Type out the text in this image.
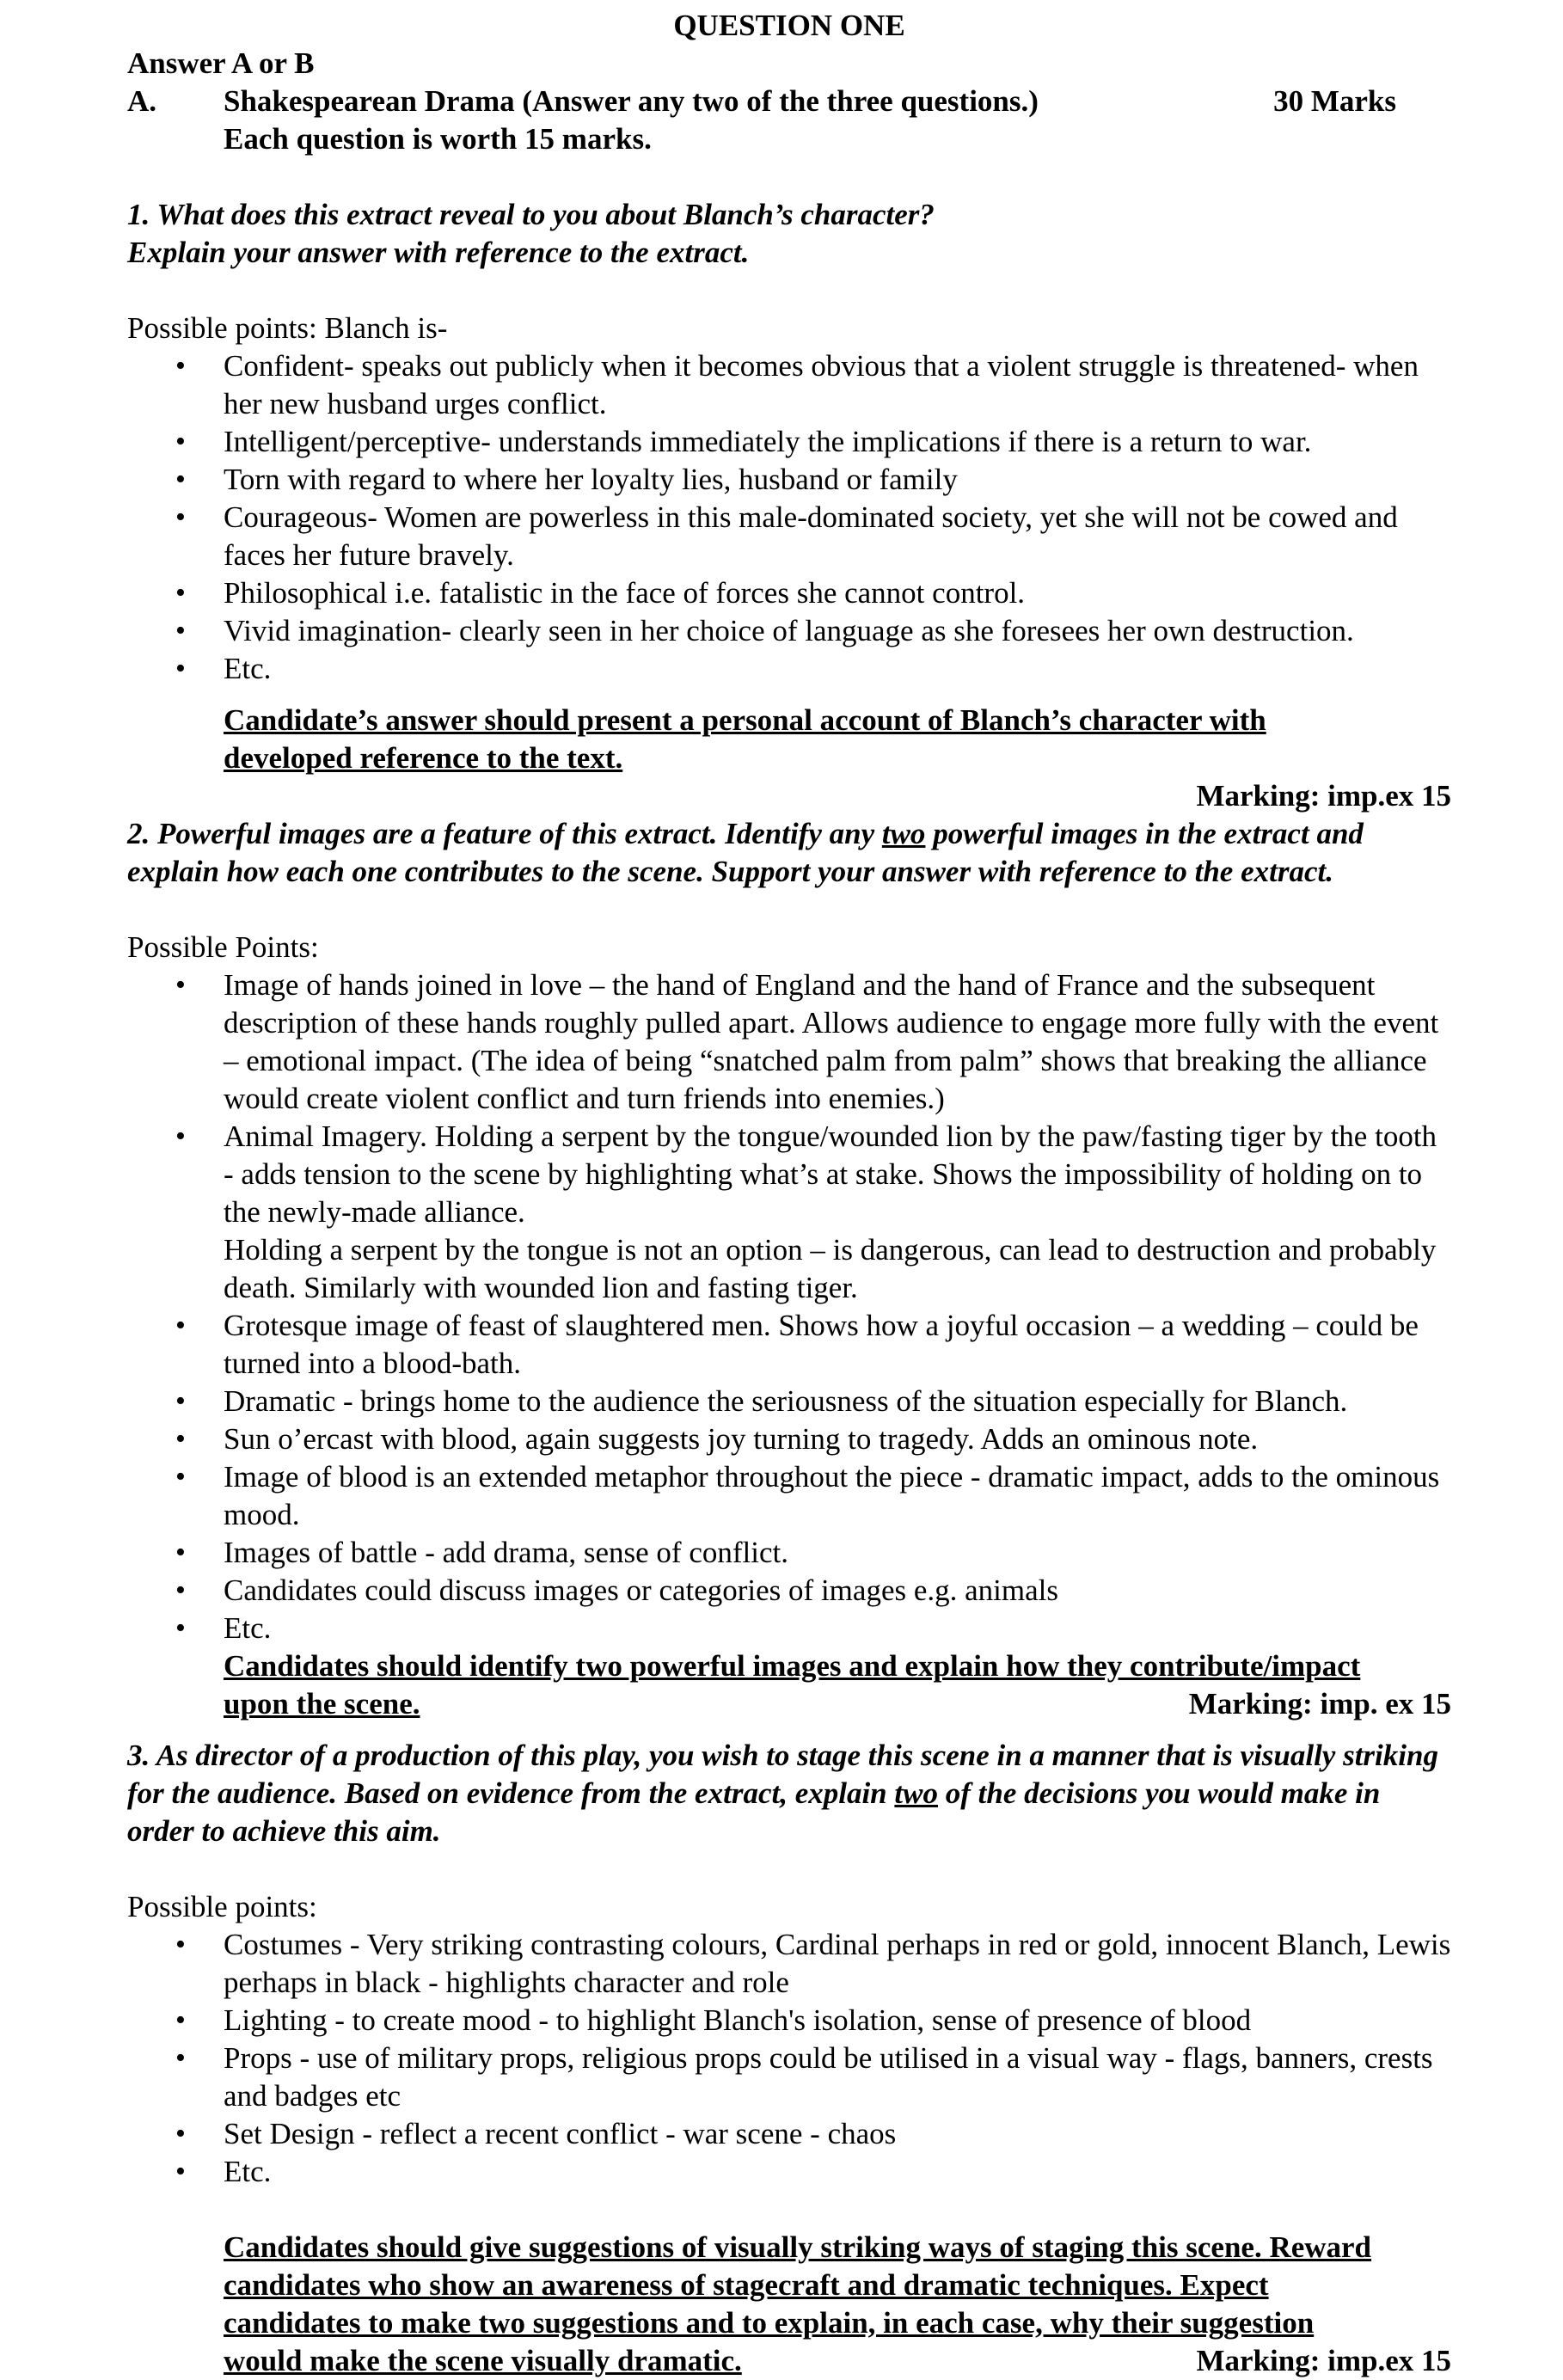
QUESTION ONE
Answer A or B
A.	Shakespearean Drama (Answer any two of the three questions.)	30 Marks
Each question is worth 15 marks.
1. What does this extract reveal to you about Blanch’s character?
Explain your answer with reference to the extract.
Possible points: Blanch is-
• Confident- speaks out publicly when it becomes obvious that a violent struggle is threatened- when her new husband urges conflict.
• Intelligent/perceptive- understands immediately the implications if there is a return to war.
• Torn with regard to where her loyalty lies, husband or family
• Courageous- Women are powerless in this male-dominated society, yet she will not be cowed and faces her future bravely.
• Philosophical i.e. fatalistic in the face of forces she cannot control.
• Vivid imagination- clearly seen in her choice of language as she foresees her own destruction.
• Etc.
Candidate’s answer should present a personal account of Blanch’s character with developed reference to the text.
Marking: imp.ex 15
2. Powerful images are a feature of this extract. Identify any two powerful images in the extract and explain how each one contributes to the scene. Support your answer with reference to the extract.
Possible Points:
• Image of hands joined in love – the hand of England and the hand of France and the subsequent description of these hands roughly pulled apart. Allows audience to engage more fully with the event – emotional impact. (The idea of being “snatched palm from palm” shows that breaking the alliance would create violent conflict and turn friends into enemies.)
• Animal Imagery. Holding a serpent by the tongue/wounded lion by the paw/fasting tiger by the tooth - adds tension to the scene by highlighting what’s at stake. Shows the impossibility of holding on to the newly-made alliance.
Holding a serpent by the tongue is not an option – is dangerous, can lead to destruction and probably death. Similarly with wounded lion and fasting tiger.
• Grotesque image of feast of slaughtered men. Shows how a joyful occasion – a wedding – could be turned into a blood-bath.
• Dramatic - brings home to the audience the seriousness of the situation especially for Blanch.
• Sun o’ercast with blood, again suggests joy turning to tragedy. Adds an ominous note.
• Image of blood is an extended metaphor throughout the piece - dramatic impact, adds to the ominous mood.
• Images of battle - add drama, sense of conflict.
• Candidates could discuss images or categories of images e.g. animals
• Etc.
Candidates should identify two powerful images and explain how they contribute/impact
upon the scene.	Marking: imp. ex 15
3. As director of a production of this play, you wish to stage this scene in a manner that is visually striking for the audience. Based on evidence from the extract, explain two of the decisions you would make in order to achieve this aim.
Possible points:
• Costumes - Very striking contrasting colours, Cardinal perhaps in red or gold, innocent Blanch, Lewis perhaps in black - highlights character and role
• Lighting - to create mood - to highlight Blanch's isolation, sense of presence of blood
• Props - use of military props, religious props could be utilised in a visual way - flags, banners, crests and badges etc
• Set Design - reflect a recent conflict - war scene - chaos
• Etc.
Candidates should give suggestions of visually striking ways of staging this scene. Reward
candidates who show an awareness of stagecraft and dramatic techniques. Expect
candidates to make two suggestions and to explain, in each case, why their suggestion
would make the scene visually dramatic.	Marking: imp.ex 15
